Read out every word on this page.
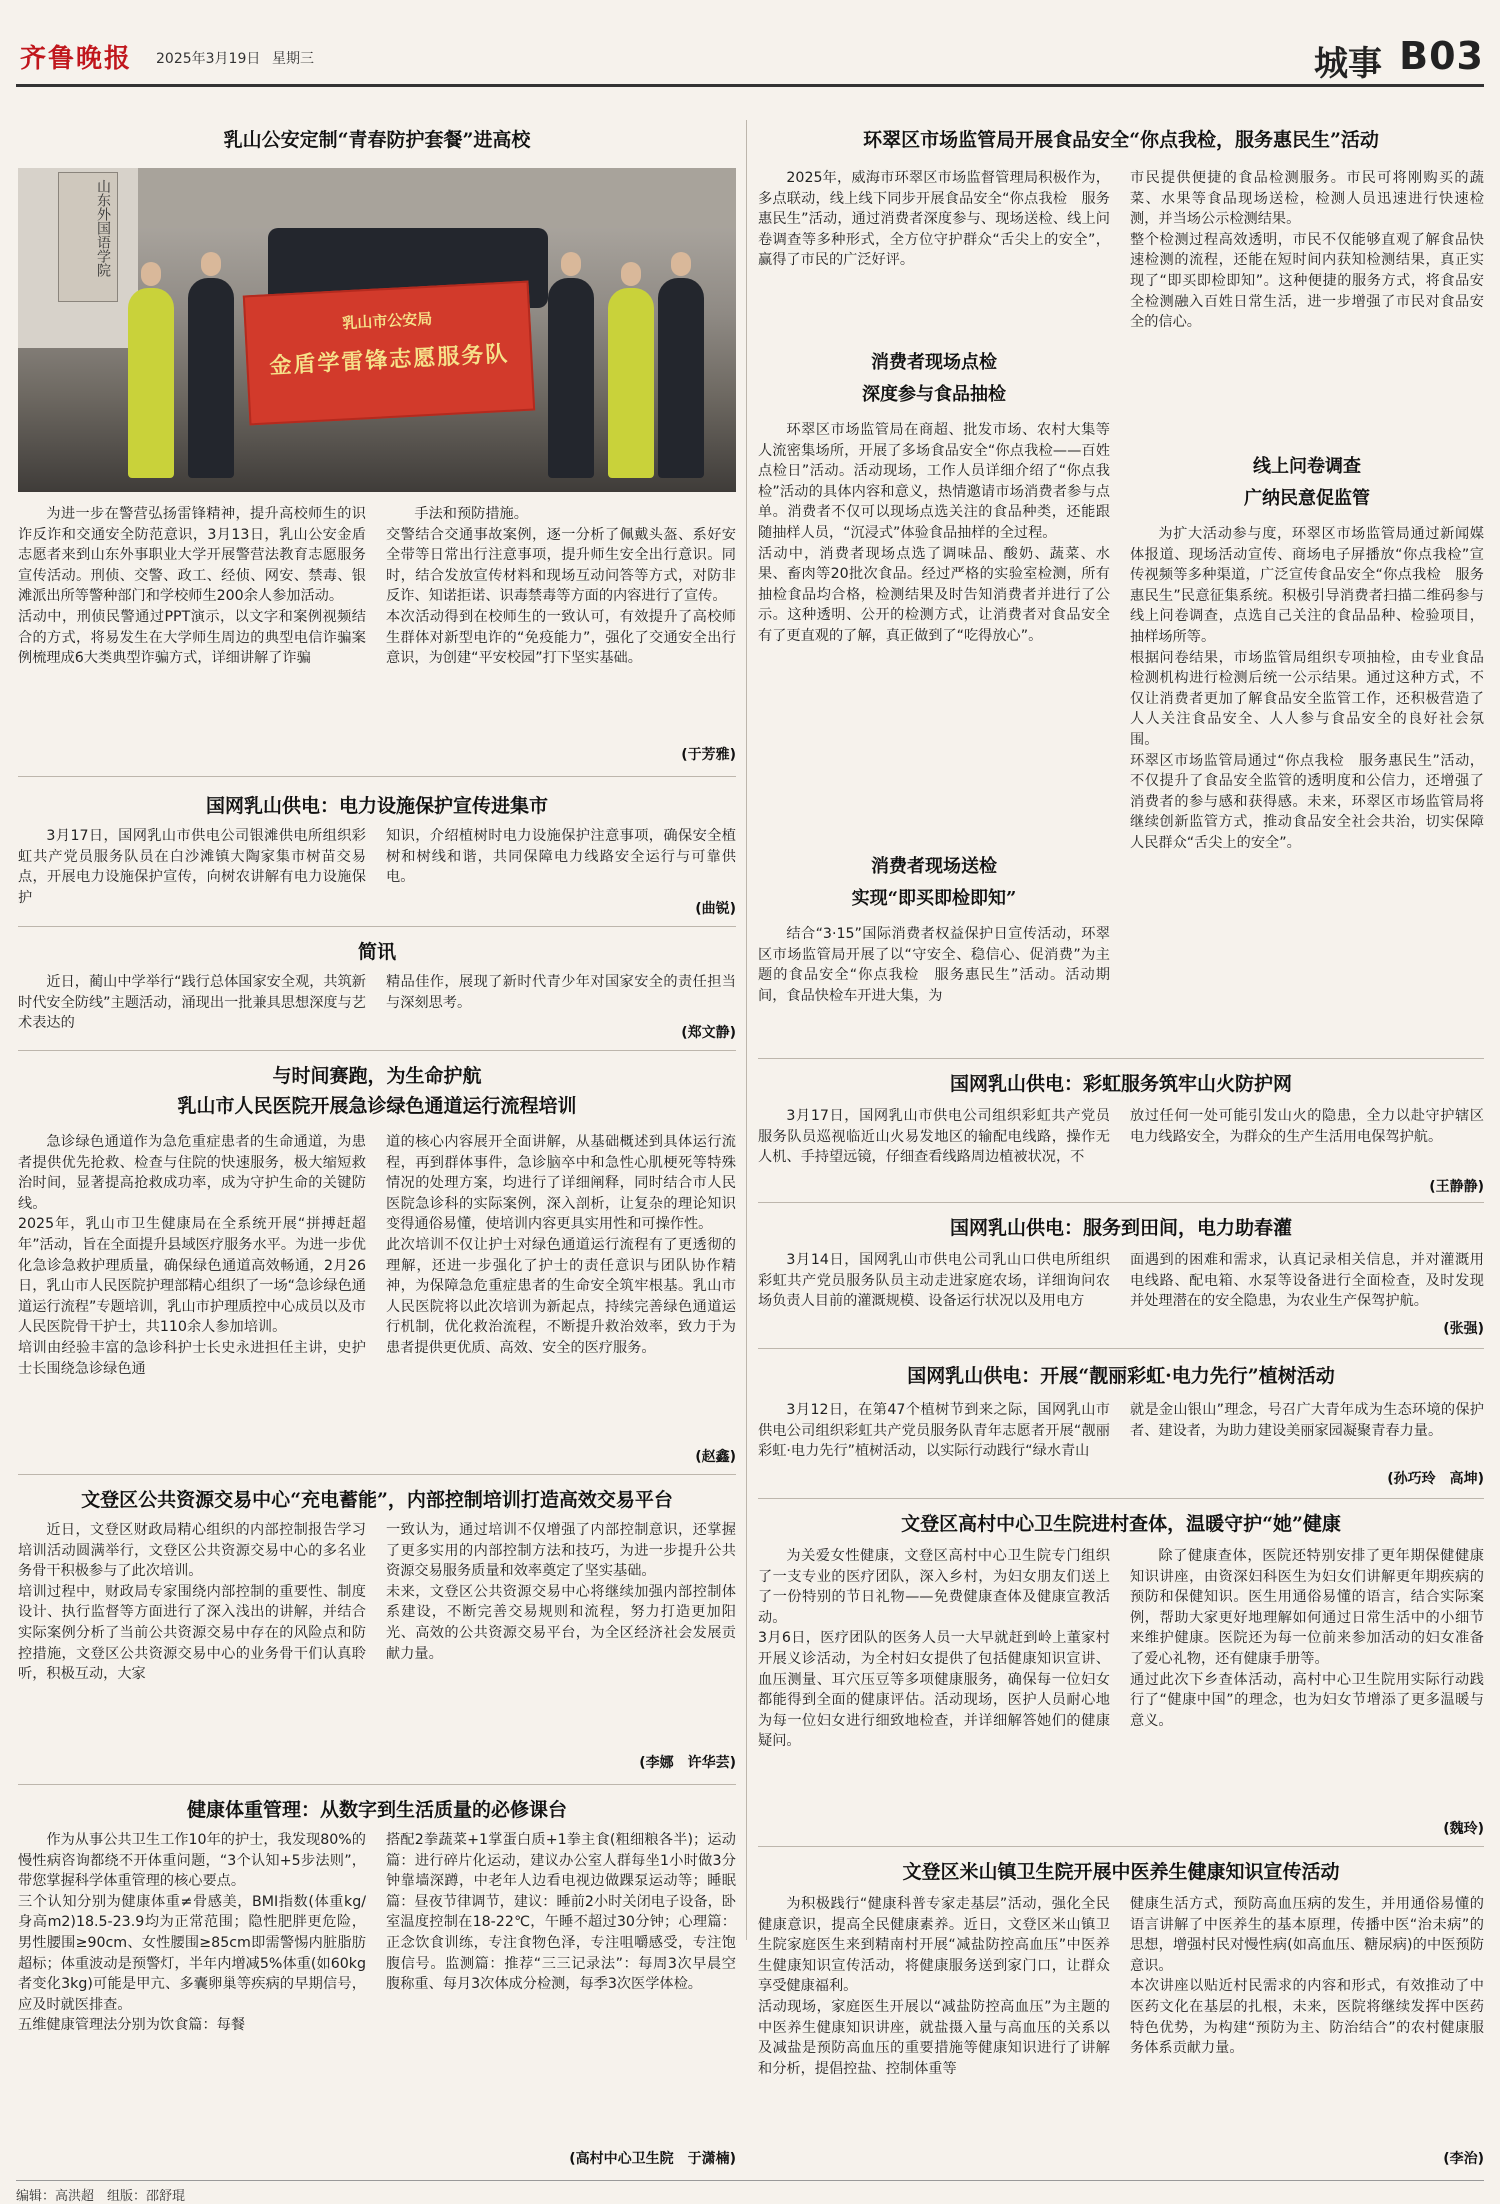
齐鲁晚报 2025年3月19日 星期三	城事 B03
乳山公安定制“青春防护套餐”进高校
山东外国语学院
乳山市公安局
金盾学雷锋志愿服务队
为进一步在警营弘扬雷锋精神，提升高校师生的识诈反诈和交通安全防范意识，3月13日，乳山公安金盾志愿者来到山东外事职业大学开展警营法教育志愿服务宣传活动。刑侦、交警、政工、经侦、网安、禁毒、银滩派出所等警种部门和学校师生200余人参加活动。
活动中，刑侦民警通过PPT演示，以文字和案例视频结合的方式，将易发生在大学师生周边的典型电信诈骗案例梳理成6大类典型诈骗方式，详细讲解了诈骗
手法和预防措施。
交警结合交通事故案例，逐一分析了佩戴头盔、系好安全带等日常出行注意事项，提升师生安全出行意识。同时，结合发放宣传材料和现场互动问答等方式，对防非反诈、知诺拒诺、识毒禁毒等方面的内容进行了宣传。
本次活动得到在校师生的一致认可，有效提升了高校师生群体对新型电诈的“免疫能力”，强化了交通安全出行意识，为创建“平安校园”打下坚实基础。
(于芳雅)
国网乳山供电：电力设施保护宣传进集市
3月17日，国网乳山市供电公司银滩供电所组织彩虹共产党员服务队员在白沙滩镇大陶家集市树苗交易点，开展电力设施保护宣传，向树农讲解有电力设施保护
知识，介绍植树时电力设施保护注意事项，确保安全植树和树线和谐，共同保障电力线路安全运行与可靠供电。
(曲锐)
简讯
近日，蔺山中学举行“践行总体国家安全观，共筑新时代安全防线”主题活动，涌现出一批兼具思想深度与艺术表达的
精品佳作，展现了新时代青少年对国家安全的责任担当与深刻思考。
(郑文静)
与时间赛跑，为生命护航
乳山市人民医院开展急诊绿色通道运行流程培训
急诊绿色通道作为急危重症患者的生命通道，为患者提供优先抢救、检查与住院的快速服务，极大缩短救治时间，显著提高抢救成功率，成为守护生命的关键防线。
2025年，乳山市卫生健康局在全系统开展“拼搏赶超年”活动，旨在全面提升县域医疗服务水平。为进一步优化急诊急救护理质量，确保绿色通道高效畅通，2月26日，乳山市人民医院护理部精心组织了一场“急诊绿色通道运行流程”专题培训，乳山市护理质控中心成员以及市人民医院骨干护士，共110余人参加培训。
培训由经验丰富的急诊科护士长史永进担任主讲，史护士长围绕急诊绿色通
道的核心内容展开全面讲解，从基础概述到具体运行流程，再到群体事件，急诊脑卒中和急性心肌梗死等特殊情况的处理方案，均进行了详细阐释，同时结合市人民医院急诊科的实际案例，深入剖析，让复杂的理论知识变得通俗易懂，使培训内容更具实用性和可操作性。
此次培训不仅让护士对绿色通道运行流程有了更透彻的理解，还进一步强化了护士的责任意识与团队协作精神，为保障急危重症患者的生命安全筑牢根基。乳山市人民医院将以此次培训为新起点，持续完善绿色通道运行机制，优化救治流程，不断提升救治效率，致力于为患者提供更优质、高效、安全的医疗服务。
(赵鑫)
文登区公共资源交易中心“充电蓄能”，内部控制培训打造高效交易平台
近日，文登区财政局精心组织的内部控制报告学习培训活动圆满举行，文登区公共资源交易中心的多名业务骨干积极参与了此次培训。
培训过程中，财政局专家围绕内部控制的重要性、制度设计、执行监督等方面进行了深入浅出的讲解，并结合实际案例分析了当前公共资源交易中存在的风险点和防控措施，文登区公共资源交易中心的业务骨干们认真聆听，积极互动，大家
一致认为，通过培训不仅增强了内部控制意识，还掌握了更多实用的内部控制方法和技巧，为进一步提升公共资源交易服务质量和效率奠定了坚实基础。
未来，文登区公共资源交易中心将继续加强内部控制体系建设，不断完善交易规则和流程，努力打造更加阳光、高效的公共资源交易平台，为全区经济社会发展贡献力量。
(李娜　许华芸)
健康体重管理：从数字到生活质量的必修课台
作为从事公共卫生工作10年的护士，我发现80%的慢性病咨询都绕不开体重问题，“3个认知+5步法则”，带您掌握科学体重管理的核心要点。
三个认知分别为健康体重≠骨感美，BMI指数(体重kg/身高m2)18.5-23.9均为正常范围；隐性肥胖更危险，男性腰围≥90cm、女性腰围≥85cm即需警惕内脏脂肪超标；体重波动是预警灯，半年内增减5%体重(如60kg者变化3kg)可能是甲亢、多囊卵巢等疾病的早期信号，应及时就医排查。
五维健康管理法分别为饮食篇：每餐
搭配2拳蔬菜+1掌蛋白质+1拳主食(粗细粮各半)；运动篇：进行碎片化运动，建议办公室人群每坐1小时做3分钟靠墙深蹲，中老年人边看电视边做踝泵运动等；睡眠篇：昼夜节律调节，建议：睡前2小时关闭电子设备，卧室温度控制在18-22℃，午睡不超过30分钟；心理篇：正念饮食训练，专注食物色泽，专注咀嚼感受，专注饱腹信号。监测篇：推荐“三三记录法”：每周3次早晨空腹称重、每月3次体成分检测，每季3次医学体检。
(高村中心卫生院　于潇楠)
环翠区市场监管局开展食品安全“你点我检，服务惠民生”活动
2025年，威海市环翠区市场监督管理局积极作为，多点联动，线上线下同步开展食品安全“你点我检　服务惠民生”活动，通过消费者深度参与、现场送检、线上问卷调查等多种形式，全方位守护群众“舌尖上的安全”，赢得了市民的广泛好评。
消费者现场点检
深度参与食品抽检
环翠区市场监管局在商超、批发市场、农村大集等人流密集场所，开展了多场食品安全“你点我检——百姓点检日”活动。活动现场，工作人员详细介绍了“你点我检”活动的具体内容和意义，热情邀请市场消费者参与点单。消费者不仅可以现场点选关注的食品种类，还能跟随抽样人员，“沉浸式”体验食品抽样的全过程。
活动中，消费者现场点选了调味品、酸奶、蔬菜、水果、畜肉等20批次食品。经过严格的实验室检测，所有抽检食品均合格，检测结果及时告知消费者并进行了公示。这种透明、公开的检测方式，让消费者对食品安全有了更直观的了解，真正做到了“吃得放心”。
消费者现场送检
实现“即买即检即知”
结合“3·15”国际消费者权益保护日宣传活动，环翠区市场监管局开展了以“守安全、稳信心、促消费”为主题的食品安全“你点我检　服务惠民生”活动。活动期间，食品快检车开进大集，为
市民提供便捷的食品检测服务。市民可将刚购买的蔬菜、水果等食品现场送检，检测人员迅速进行快速检测，并当场公示检测结果。
整个检测过程高效透明，市民不仅能够直观了解食品快速检测的流程，还能在短时间内获知检测结果，真正实现了“即买即检即知”。这种便捷的服务方式，将食品安全检测融入百姓日常生活，进一步增强了市民对食品安全的信心。
线上问卷调查
广纳民意促监管
为扩大活动参与度，环翠区市场监管局通过新闻媒体报道、现场活动宣传、商场电子屏播放“你点我检”宣传视频等多种渠道，广泛宣传食品安全“你点我检　服务惠民生”民意征集系统。积极引导消费者扫描二维码参与线上问卷调查，点选自己关注的食品品种、检验项目，抽样场所等。
根据问卷结果，市场监管局组织专项抽检，由专业食品检测机构进行检测后统一公示结果。通过这种方式，不仅让消费者更加了解食品安全监管工作，还积极营造了人人关注食品安全、人人参与食品安全的良好社会氛围。
环翠区市场监管局通过“你点我检　服务惠民生”活动，不仅提升了食品安全监管的透明度和公信力，还增强了消费者的参与感和获得感。未来，环翠区市场监管局将继续创新监管方式，推动食品安全社会共治，切实保障人民群众“舌尖上的安全”。
国网乳山供电：彩虹服务筑牢山火防护网
3月17日，国网乳山市供电公司组织彩虹共产党员服务队员巡视临近山火易发地区的输配电线路，操作无人机、手持望远镜，仔细查看线路周边植被状况，不
放过任何一处可能引发山火的隐患，全力以赴守护辖区电力线路安全，为群众的生产生活用电保驾护航。
(王静静)
国网乳山供电：服务到田间，电力助春灌
3月14日，国网乳山市供电公司乳山口供电所组织彩虹共产党员服务队员主动走进家庭农场，详细询问农场负责人目前的灌溉规模、设备运行状况以及用电方
面遇到的困难和需求，认真记录相关信息，并对灌溉用电线路、配电箱、水泵等设备进行全面检查，及时发现并处理潜在的安全隐患，为农业生产保驾护航。
(张强)
国网乳山供电：开展“靓丽彩虹·电力先行”植树活动
3月12日，在第47个植树节到来之际，国网乳山市供电公司组织彩虹共产党员服务队青年志愿者开展“靓丽彩虹·电力先行”植树活动，以实际行动践行“绿水青山
就是金山银山”理念，号召广大青年成为生态环境的保护者、建设者，为助力建设美丽家园凝聚青春力量。
(孙巧玲　高坤)
文登区高村中心卫生院进村查体，温暖守护“她”健康
为关爱女性健康，文登区高村中心卫生院专门组织了一支专业的医疗团队，深入乡村，为妇女朋友们送上了一份特别的节日礼物——免费健康查体及健康宣教活动。
3月6日，医疗团队的医务人员一大早就赶到岭上董家村开展义诊活动，为全村妇女提供了包括健康知识宣讲、血压测量、耳穴压豆等多项健康服务，确保每一位妇女都能得到全面的健康评估。活动现场，医护人员耐心地为每一位妇女进行细致地检查，并详细解答她们的健康疑问。
除了健康查体，医院还特别安排了更年期保健健康知识讲座，由资深妇科医生为妇女们讲解更年期疾病的预防和保健知识。医生用通俗易懂的语言，结合实际案例，帮助大家更好地理解如何通过日常生活中的小细节来维护健康。医院还为每一位前来参加活动的妇女准备了爱心礼物，还有健康手册等。
通过此次下乡查体活动，高村中心卫生院用实际行动践行了“健康中国”的理念，也为妇女节增添了更多温暖与意义。
(魏玲)
文登区米山镇卫生院开展中医养生健康知识宣传活动
为积极践行“健康科普专家走基层”活动，强化全民健康意识，提高全民健康素养。近日，文登区米山镇卫生院家庭医生来到精南村开展“减盐防控高血压”中医养生健康知识宣传活动，将健康服务送到家门口，让群众享受健康福利。
活动现场，家庭医生开展以“减盐防控高血压”为主题的中医养生健康知识讲座，就盐摄入量与高血压的关系以及减盐是预防高血压的重要措施等健康知识进行了讲解和分析，提倡控盐、控制体重等
健康生活方式，预防高血压病的发生，并用通俗易懂的语言讲解了中医养生的基本原理，传播中医“治未病”的思想，增强村民对慢性病(如高血压、糖尿病)的中医预防意识。
本次讲座以贴近村民需求的内容和形式，有效推动了中医药文化在基层的扎根，未来，医院将继续发挥中医药特色优势，为构建“预防为主、防治结合”的农村健康服务体系贡献力量。
(李治)
编辑：高洪超　组版：邵舒琨
